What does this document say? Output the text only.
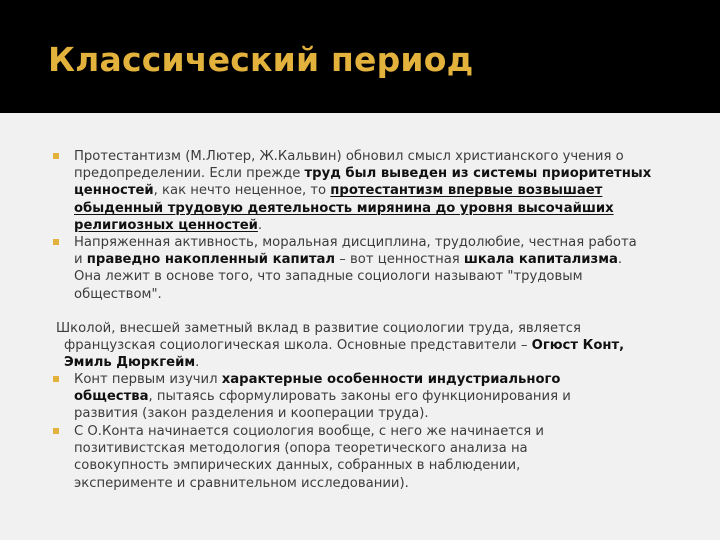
Классический период
Протестантизм (М.Лютер, Ж.Кальвин) обновил смысл христианского учения о предопределении. Если прежде труд был выведен из системы приоритетных ценностей, как нечто неценное, то протестантизм впервые возвышает обыденный трудовую деятельность мирянина до уровня высочайших религиозных ценностей.
Напряженная активность, моральная дисциплина, трудолюбие, честная работа и праведно накопленный капитал – вот ценностная шкала капитализма. Она лежит в основе того, что западные социологи называют "трудовым обществом".
Школой, внесшей заметный вклад в развитие социологии труда, является французская социологическая школа. Основные представители – Огюст Конт, Эмиль Дюркгейм.
Конт первым изучил характерные особенности индустриального общества, пытаясь сформулировать законы его функционирования и развития (закон разделения и кооперации труда).
С О.Конта начинается социология вообще, с него же начинается и позитивистская методология (опора теоретического анализа на совокупность эмпирических данных, собранных в наблюдении, эксперименте и сравнительном исследовании).
